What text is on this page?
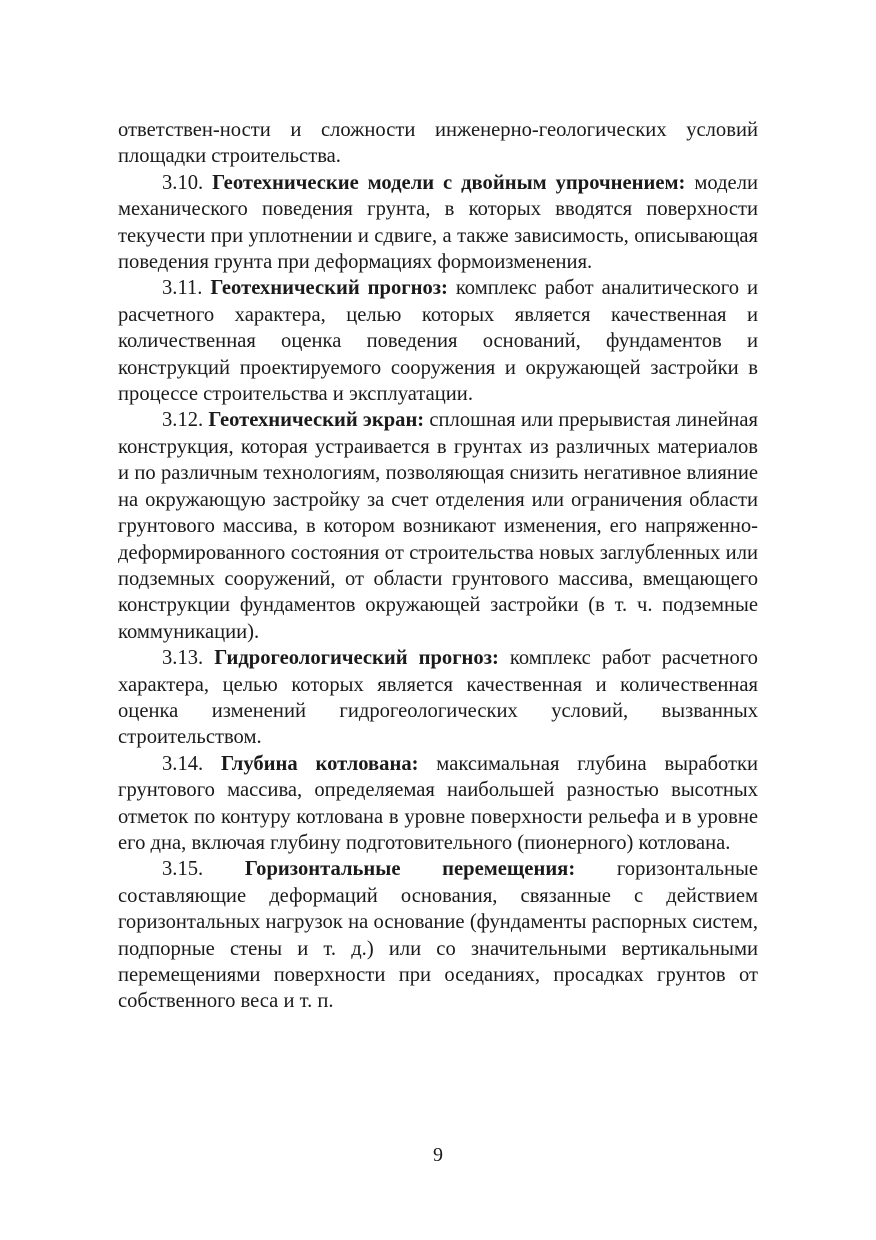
ответствен-ности и сложности инженерно-геологических условий площадки строительства.

3.10. Геотехнические модели с двойным упрочнением: модели механического поведения грунта, в которых вводятся поверхности текучести при уплотнении и сдвиге, а также зависимость, описывающая поведения грунта при деформациях формоизменения.

3.11. Геотехнический прогноз: комплекс работ аналитического и расчетного характера, целью которых является качественная и количественная оценка поведения оснований, фундаментов и конструкций проектируемого сооружения и окружающей застройки в процессе строительства и эксплуатации.

3.12. Геотехнический экран: сплошная или прерывистая линейная конструкция, которая устраивается в грунтах из различных материалов и по различным технологиям, позволяющая снизить негативное влияние на окружающую застройку за счет отделения или ограничения области грунтового массива, в котором возникают изменения, его напряженно-деформированного состояния от строительства новых заглубленных или подземных сооружений, от области грунтового массива, вмещающего конструкции фундаментов окружающей застройки (в т. ч. подземные коммуникации).

3.13. Гидрогеологический прогноз: комплекс работ расчетного характера, целью которых является качественная и количественная оценка изменений гидрогеологических условий, вызванных строительством.

3.14. Глубина котлована: максимальная глубина выработки грунтового массива, определяемая наибольшей разностью высотных отметок по контуру котлована в уровне поверхности рельефа и в уровне его дна, включая глубину подготовительного (пионерного) котлована.

3.15. Горизонтальные перемещения: горизонтальные составляющие деформаций основания, связанные с действием горизонтальных нагрузок на основание (фундаменты распорных систем, подпорные стены и т. д.) или со значительными вертикальными перемещениями поверхности при оседаниях, просадках грунтов от собственного веса и т. п.

9
